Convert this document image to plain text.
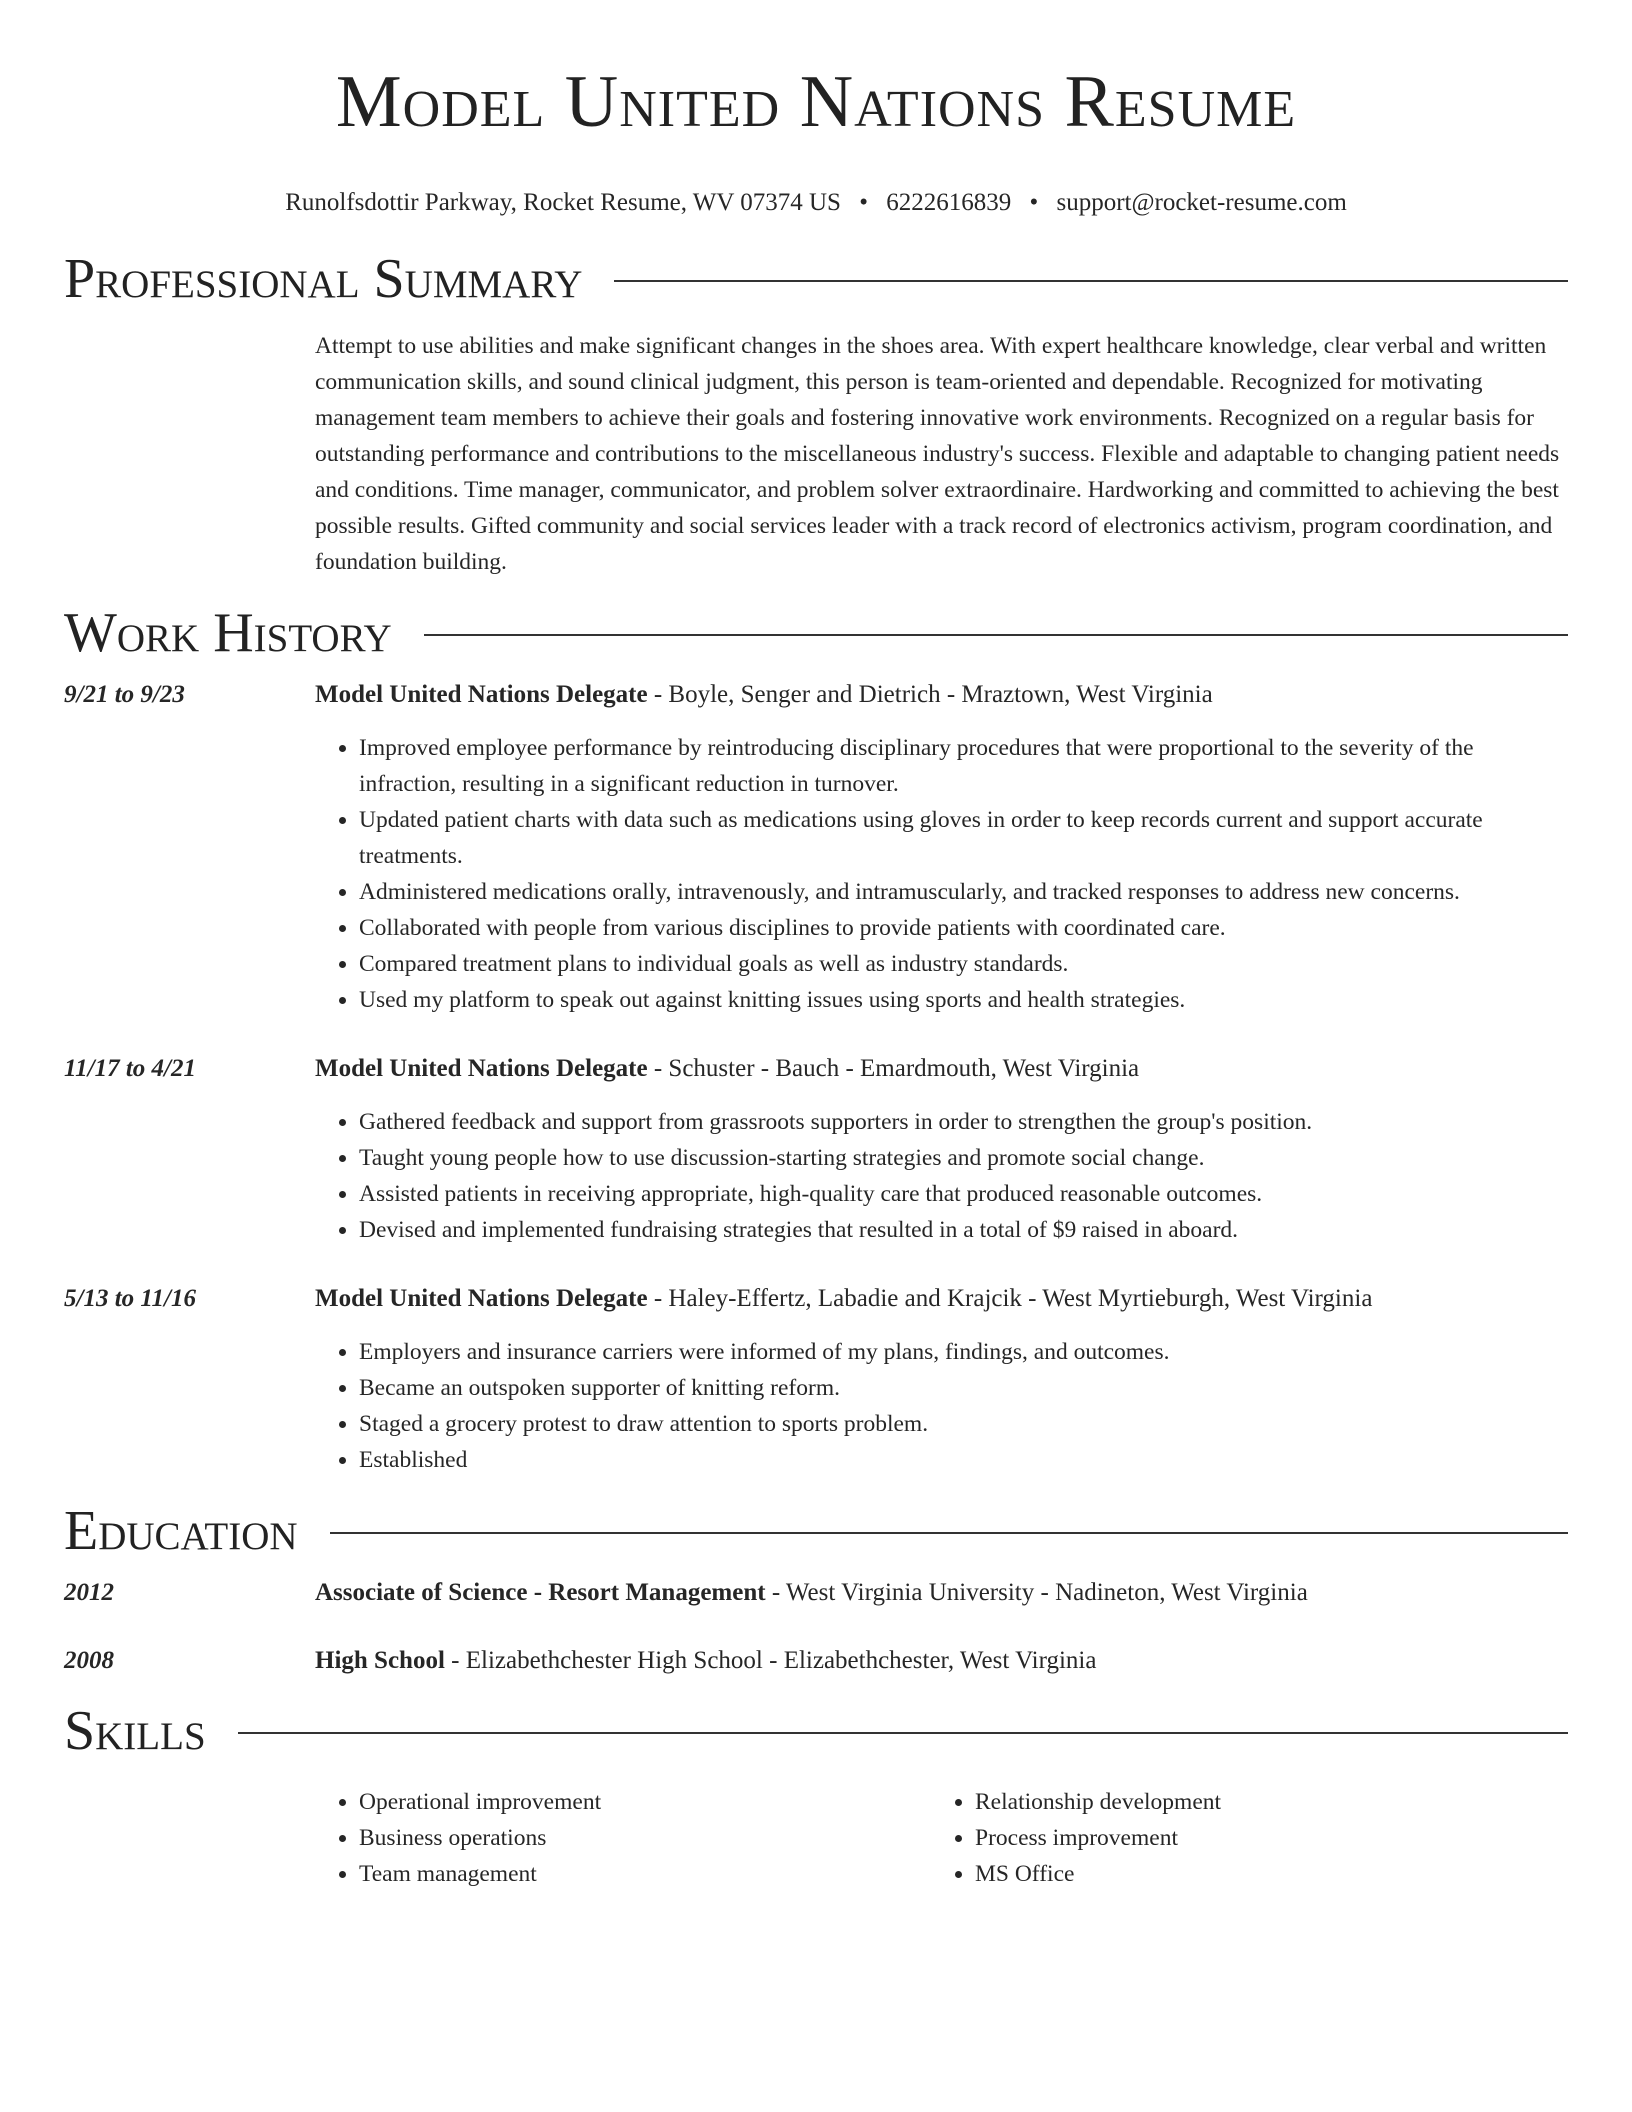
Model United Nations Resume
Runolfsdottir Parkway, Rocket Resume, WV 07374 US • 6222616839 • support@rocket-resume.com
Professional Summary
Attempt to use abilities and make significant changes in the shoes area. With expert healthcare knowledge, clear verbal and written communication skills, and sound clinical judgment, this person is team-oriented and dependable. Recognized for motivating management team members to achieve their goals and fostering innovative work environments. Recognized on a regular basis for outstanding performance and contributions to the miscellaneous industry's success. Flexible and adaptable to changing patient needs and conditions. Time manager, communicator, and problem solver extraordinaire. Hardworking and committed to achieving the best possible results. Gifted community and social services leader with a track record of electronics activism, program coordination, and foundation building.
Work History
9/21 to 9/23	Model United Nations Delegate - Boyle, Senger and Dietrich - Mraztown, West Virginia
• Improved employee performance by reintroducing disciplinary procedures that were proportional to the severity of the infraction, resulting in a significant reduction in turnover.
• Updated patient charts with data such as medications using gloves in order to keep records current and support accurate treatments.
• Administered medications orally, intravenously, and intramuscularly, and tracked responses to address new concerns.
• Collaborated with people from various disciplines to provide patients with coordinated care.
• Compared treatment plans to individual goals as well as industry standards.
• Used my platform to speak out against knitting issues using sports and health strategies.
11/17 to 4/21	Model United Nations Delegate - Schuster - Bauch - Emardmouth, West Virginia
• Gathered feedback and support from grassroots supporters in order to strengthen the group's position.
• Taught young people how to use discussion-starting strategies and promote social change.
• Assisted patients in receiving appropriate, high-quality care that produced reasonable outcomes.
• Devised and implemented fundraising strategies that resulted in a total of $9 raised in aboard.
5/13 to 11/16	Model United Nations Delegate - Haley-Effertz, Labadie and Krajcik - West Myrtieburgh, West Virginia
• Employers and insurance carriers were informed of my plans, findings, and outcomes.
• Became an outspoken supporter of knitting reform.
• Staged a grocery protest to draw attention to sports problem.
• Established
Education
2012	Associate of Science - Resort Management - West Virginia University - Nadineton, West Virginia
2008	High School - Elizabethchester High School - Elizabethchester, West Virginia
Skills
• Operational improvement
• Business operations
• Team management
• Relationship development
• Process improvement
• MS Office
